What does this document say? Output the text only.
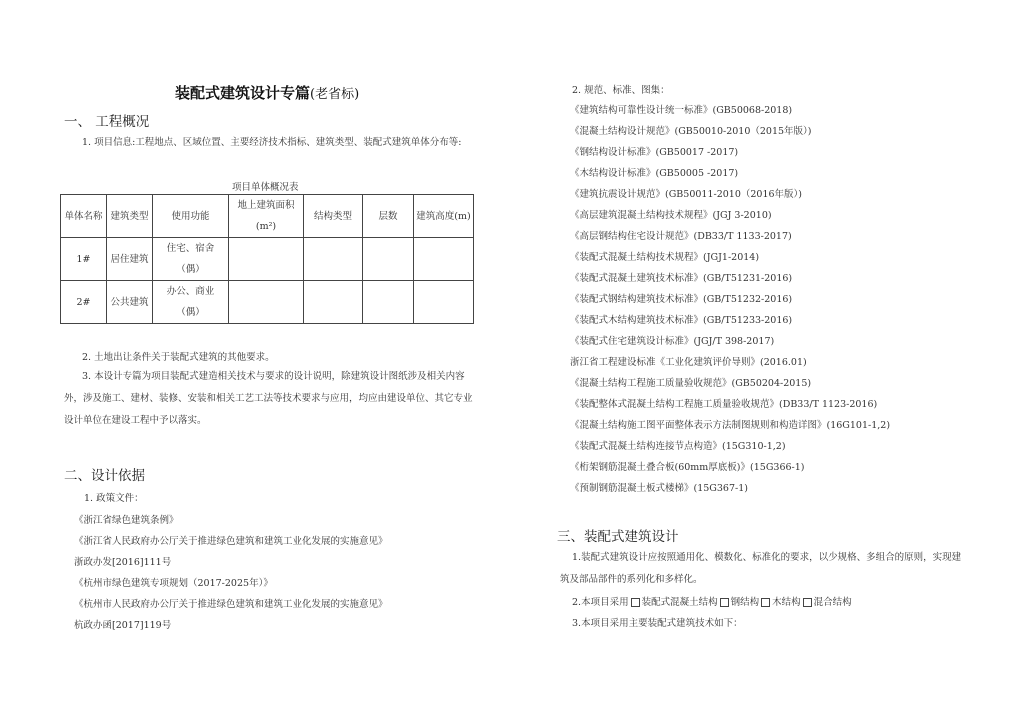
装配式建筑设计专篇(老省标)
一、 工程概况
1. 项目信息:工程地点、区域位置、主要经济技术指标、建筑类型、装配式建筑单体分布等:
项目单体概况表
单体名称	建筑类型	使用功能	地上建筑面积(m²)	结构类型	层数	建筑高度(m)
1#	居住建筑	住宅、宿舍（偶）				
2#	公共建筑	办公、商业（偶）				
2. 土地出让条件关于装配式建筑的其他要求。
3. 本设计专篇为项目装配式建造相关技术与要求的设计说明，除建筑设计图纸涉及相关内容外，涉及施工、建材、装修、安装和相关工艺工法等技术要求与应用，均应由建设单位、其它专业设计单位在建设工程中予以落实。
二、设计依据
1. 政策文件：
《浙江省绿色建筑条例》
《浙江省人民政府办公厅关于推进绿色建筑和建筑工业化发展的实施意见》
浙政办发[2016]111号
《杭州市绿色建筑专项规划（2017-2025年）》
《杭州市人民政府办公厅关于推进绿色建筑和建筑工业化发展的实施意见》
杭政办函[2017]119号
2. 规范、标准、图集：
《建筑结构可靠性设计统一标准》(GB50068-2018)
《混凝土结构设计规范》(GB50010-2010（2015年版）)
《钢结构设计标准》(GB50017 -2017)
《木结构设计标准》(GB50005 -2017)
《建筑抗震设计规范》(GB50011-2010（2016年版）)
《高层建筑混凝土结构技术规程》(JGJ 3-2010)
《高层钢结构住宅设计规范》(DB33/T 1133-2017)
《装配式混凝土结构技术规程》(JGJ1-2014)
《装配式混凝土建筑技术标准》(GB/T51231-2016)
《装配式钢结构建筑技术标准》(GB/T51232-2016)
《装配式木结构建筑技术标准》(GB/T51233-2016)
《装配式住宅建筑设计标准》(JGJ/T 398-2017)
浙江省工程建设标准《工业化建筑评价导则》(2016.01)
《混凝土结构工程施工质量验收规范》(GB50204-2015)
《装配整体式混凝土结构工程施工质量验收规范》(DB33/T 1123-2016)
《混凝土结构施工图平面整体表示方法制图规则和构造详图》(16G101-1,2)
《装配式混凝土结构连接节点构造》(15G310-1,2)
《桁架钢筋混凝土叠合板(60mm厚底板)》(15G366-1)
《预制钢筋混凝土板式楼梯》(15G367-1)
三、装配式建筑设计
1.装配式建筑设计应按照通用化、模数化、标准化的要求，以少规格、多组合的原则，实现建筑及部品部件的系列化和多样化。
2.本项目采用 装配式混凝土结构 钢结构 木结构 混合结构
3.本项目采用主要装配式建筑技术如下：
